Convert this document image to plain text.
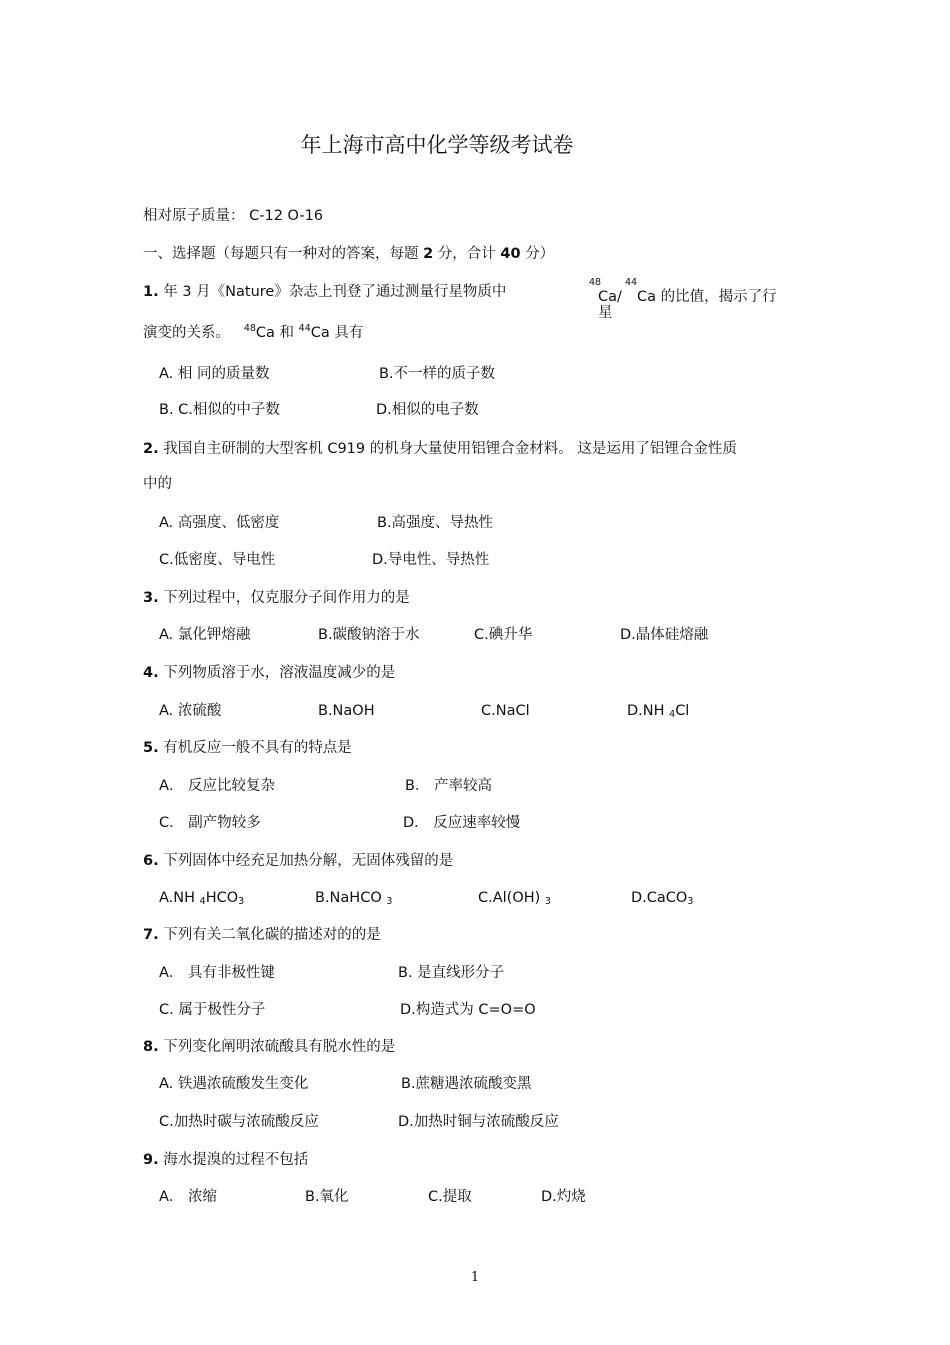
年上海市高中化学等级考试卷
相对原子质量： C-12 O-16
一、选择题（每题只有一种对的答案，每题 2 分，合计 40 分）
1. 年 3 月《Nature》杂志上刊登了通过测量行星物质中
48
Ca/
44
Ca 的比值，揭示了行
星
演变的关系。 $^{48}$Ca 和 $^{44}$Ca 具有
A. 相 同的质量数	B.不一样的质子数
B. C.相似的中子数	D.相似的电子数
2. 我国自主研制的大型客机 C919 的机身大量使用铝锂合金材料。 这是运用了铝锂合金性质
中的
A. 高强度、低密度	B.高强度、导热性
C.低密度、导电性	D.导电性、导热性
3. 下列过程中，仅克服分子间作用力的是
A. 氯化钾熔融	B.碳酸钠溶于水	C.碘升华	D.晶体硅熔融
4. 下列物质溶于水，溶液温度减少的是
A. 浓硫酸	B.NaOH	C.NaCl	D.NH 4Cl
5. 有机反应一般不具有的特点是
A． 反应比较复杂	B． 产率较高
C． 副产物较多	D． 反应速率较慢
6. 下列固体中经充足加热分解，无固体残留的是
A.NH 4HCO3	B.NaHCO 3	C.Al(OH) 3	D.CaCO3
7. 下列有关二氧化碳的描述对的的是
A． 具有非极性键	B. 是直线形分子
C. 属于极性分子	D.构造式为 C=O=O
8. 下列变化阐明浓硫酸具有脱水性的是
A. 铁遇浓硫酸发生变化	B.蔗糖遇浓硫酸变黑
C.加热时碳与浓硫酸反应	D.加热时铜与浓硫酸反应
9. 海水提溴的过程不包括
A． 浓缩	B.氧化	C.提取	D.灼烧
1
